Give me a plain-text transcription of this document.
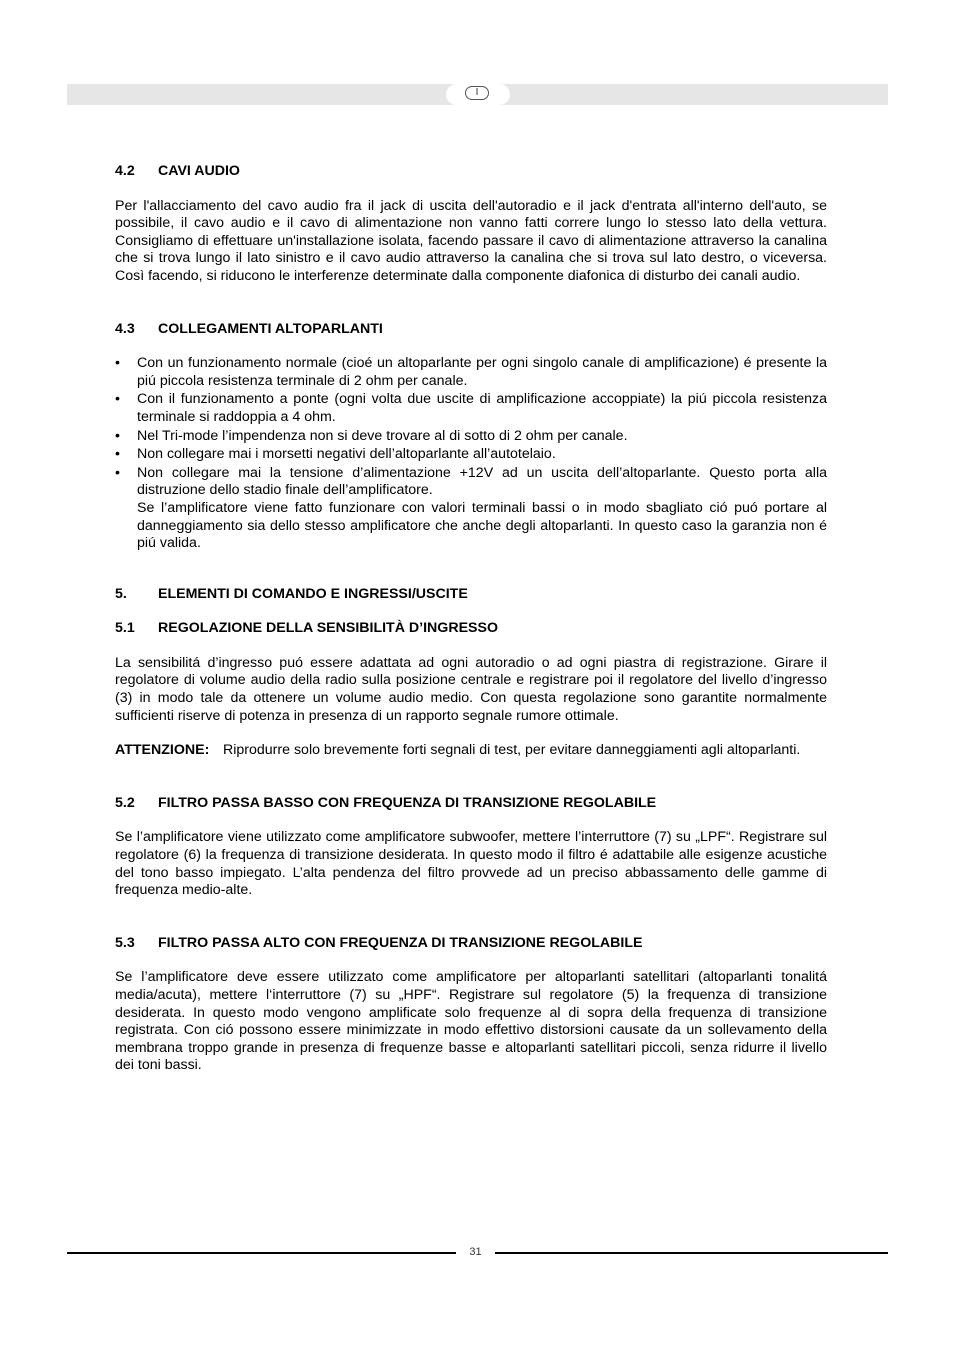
I
4.2	CAVI AUDIO

Per l'allacciamento del cavo audio fra il jack di uscita dell'autoradio e il jack d'entrata all'interno dell'auto, se possibile, il cavo audio e il cavo di alimentazione non vanno fatti correre lungo lo stesso lato della vettura. Consigliamo di effettuare un'installazione isolata, facendo passare il cavo di alimentazione attraverso la canalina che si trova lungo il lato sinistro e il cavo audio attraverso la canalina che si trova sul lato destro, o viceversa. Così facendo, si riducono le interferenze determinate dalla componente diafonica di disturbo dei canali audio.

4.3	COLLEGAMENTI ALTOPARLANTI
• Con un funzionamento normale (cioé un altoparlante per ogni singolo canale di amplificazione) é presente la piú piccola resistenza terminale di 2 ohm per canale.
• Con il funzionamento a ponte (ogni volta due uscite di amplificazione accoppiate) la piú piccola resistenza terminale si raddoppia a 4 ohm.
• Nel Tri-mode l’impendenza non si deve trovare al di sotto di 2 ohm per canale.
• Non collegare mai i morsetti negativi dell’altoparlante all’autotelaio.
• Non collegare mai la tensione d’alimentazione +12V ad un uscita dell’altoparlante. Questo porta alla distruzione dello stadio finale dell’amplificatore.
Se l’amplificatore viene fatto funzionare con valori terminali bassi o in modo sbagliato ció puó portare al danneggiamento sia dello stesso amplificatore che anche degli altoparlanti. In questo caso la garanzia non é piú valida.
5.	ELEMENTI DI COMANDO E INGRESSI/USCITE
5.1	REGOLAZIONE DELLA SENSIBILITÀ D’INGRESSO

La sensibilitá d’ingresso puó essere adattata ad ogni autoradio o ad ogni piastra di registrazione. Girare il regolatore di volume audio della radio sulla posizione centrale e registrare poi il regolatore del livello d’ingresso (3) in modo tale da ottenere un volume audio medio. Con questa regolazione sono garantite normalmente sufficienti riserve di potenza in presenza di un rapporto segnale rumore ottimale.

ATTENZIONE: Riprodurre solo brevemente forti segnali di test, per evitare danneggiamenti agli altoparlanti.
5.2	FILTRO PASSA BASSO CON FREQUENZA DI TRANSIZIONE REGOLABILE

Se l’amplificatore viene utilizzato come amplificatore subwoofer, mettere l’interruttore (7) su „LPF“. Registrare sul regolatore (6) la frequenza di transizione desiderata. In questo modo il filtro é adattabile alle esigenze acustiche del tono basso impiegato. L’alta pendenza del filtro provvede ad un preciso abbassamento delle gamme di frequenza medio-alte.

5.3	FILTRO PASSA ALTO CON FREQUENZA DI TRANSIZIONE REGOLABILE

Se l’amplificatore deve essere utilizzato come amplificatore per altoparlanti satellitari (altoparlanti tonalitá media/acuta), mettere l‘interruttore (7) su „HPF“. Registrare sul regolatore (5) la frequenza di transizione desiderata. In questo modo vengono amplificate solo frequenze al di sopra della frequenza di transizione registrata. Con ció possono essere minimizzate in modo effettivo distorsioni causate da un sollevamento della membrana troppo grande in presenza di frequenze basse e altoparlanti satellitari piccoli, senza ridurre il livello dei toni bassi.

31
